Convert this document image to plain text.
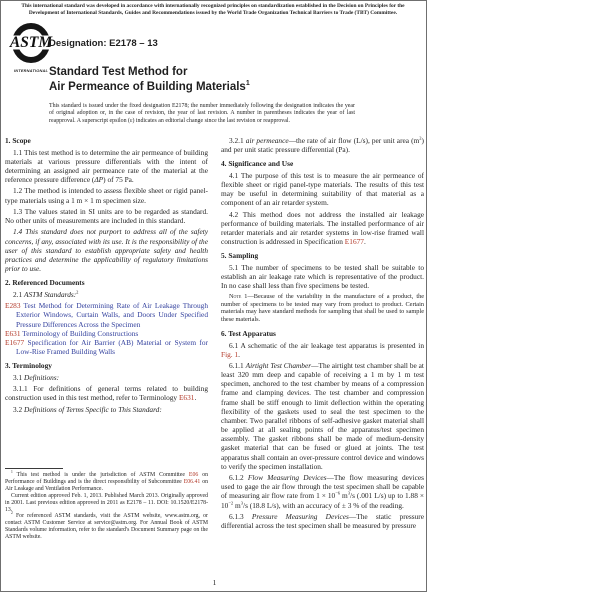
This international standard was developed in accordance with internationally recognized principles on standardization established in the Decision on Principles for the Development of International Standards, Guides and Recommendations issued by the World Trade Organization Technical Barriers to Trade (TBT) Committee.
ASTM
INTERNATIONAL
Designation: E2178 – 13
Standard Test Method for
Air Permeance of Building Materials$^1$
This standard is issued under the fixed designation E2178; the number immediately following the designation indicates the year of original adoption or, in the case of revision, the year of last revision. A number in parentheses indicates the year of last reapproval. A superscript epsilon (ε) indicates an editorial change since the last revision or reapproval.
1. Scope
1.1 This test method is to determine the air permeance of building materials at various pressure differentials with the intent of determining an assigned air permeance rate of the material at the reference pressure difference (ΔP) of 75 Pa.
1.2 The method is intended to assess flexible sheet or rigid panel-type materials using a 1 m × 1 m specimen size.
1.3 The values stated in SI units are to be regarded as standard. No other units of measurements are included in this standard.
1.4 This standard does not purport to address all of the safety concerns, if any, associated with its use. It is the responsibility of the user of this standard to establish appropriate safety and health practices and determine the applicability of regulatory limitations prior to use.
2. Referenced Documents
2.1 ASTM Standards:$^2$
E283 Test Method for Determining Rate of Air Leakage Through Exterior Windows, Curtain Walls, and Doors Under Specified Pressure Differences Across the Specimen
E631 Terminology of Building Constructions
E1677 Specification for Air Barrier (AB) Material or System for Low-Rise Framed Building Walls
3. Terminology
3.1 Definitions:
3.1.1 For definitions of general terms related to building construction used in this test method, refer to Terminology E631.
3.2 Definitions of Terms Specific to This Standard:
3.2.1 air permeance—the rate of air flow (L/s), per unit area $(m^2)$ and per unit static pressure differential (Pa).
4. Significance and Use
4.1 The purpose of this test is to measure the air permeance of flexible sheet or rigid panel-type materials. The results of this test may be useful in determining suitability of that material as a component of an air retarder system.
4.2 This method does not address the installed air leakage performance of building materials. The installed performance of air retarder materials and air retarder systems in low-rise framed wall construction is addressed in Specification E1677.
5. Sampling
5.1 The number of specimens to be tested shall be suitable to establish an air leakage rate which is representative of the product. In no case shall less than five specimens be tested.
Note 1—Because of the variability in the manufacture of a product, the number of specimens to be tested may vary from product to product. Certain materials may have standard methods for sampling that shall be used to sample these materials.
6. Test Apparatus
6.1 A schematic of the air leakage test apparatus is presented in Fig. 1.
6.1.1 Airtight Test Chamber—The airtight test chamber shall be at least 320 mm deep and capable of receiving a 1 m by 1 m test specimen, anchored to the test chamber by means of a compression frame and clamping devices. The test chamber and compression frame shall be stiff enough to limit deflection within the operating flexibility of the gaskets used to seal the test specimen to the chamber. Two parallel ribbons of self-adhesive gasket material shall be applied at all sealing points of the apparatus/test specimen assembly. The gasket ribbons shall be made of medium-density gasket material that can be fused or glued at joints. The test apparatus shall contain an over-pressure control device and windows to verify the specimen installation.
6.1.2 Flow Measuring Devices—The flow measuring devices used to gage the air flow through the test specimen shall be capable of measuring air flow rate from $1 \times 10^{-6}$ $m^3/s$ (.001 L/s) up to $1.88 \times 10^{-2}$ $m^3/s$ (18.8 L/s), with an accuracy of ± 3 % of the reading.
6.1.3 Pressure Measuring Devices—The static pressure differential across the test specimen shall be measured by pressure
$^1$ This test method is under the jurisdiction of ASTM Committee E06 on Performance of Buildings and is the direct responsibility of Subcommittee E06.41 on Air Leakage and Ventilation Performance.
Current edition approved Feb. 1, 2013. Published March 2013. Originally approved in 2001. Last previous edition approved in 2011 as E2178 – 11. DOI: 10.1520/E2178-13.
$^2$ For referenced ASTM standards, visit the ASTM website, www.astm.org, or contact ASTM Customer Service at service@astm.org. For Annual Book of ASTM Standards volume information, refer to the standard's Document Summary page on the ASTM website.
1
